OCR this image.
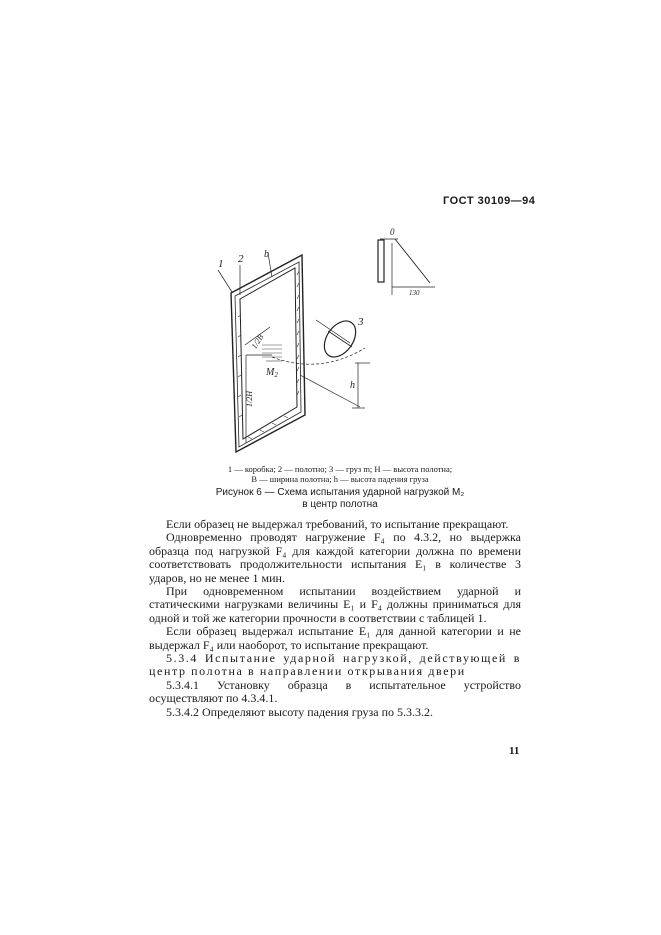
ГОСТ 30109—94
1 2 b
3
1/2B
1/2H
$M_2$
h
0
130
1 — коробка; 2 — полотно; 3 — груз m; H — высота полотна;
B — ширина полотна; h — высота падения груза
Рисунок 6 — Схема испытания ударной нагрузкой M₂
в центр полотна

Если образец не выдержал требований, то испытание прекращают.

Одновременно проводят нагружение F₄ по 4.3.2, но выдержка образца под нагрузкой F₄ для каждой категории должна по времени соответствовать продолжительности испытания E₁ в количестве 3 ударов, но не менее 1 мин.

При одновременном испытании воздействием ударной и статическими нагрузками величины E₁ и F₄ должны приниматься для одной и той же категории прочности в соответствии с таблицей 1.

Если образец выдержал испытание E₁ для данной категории и не выдержал F₄ или наоборот, то испытание прекращают.

5.3.4 Испытание ударной нагрузкой, действующей в центр полотна в направлении открывания двери

5.3.4.1 Установку образца в испытательное устройство осуществляют по 4.3.4.1.

5.3.4.2 Определяют высоту падения груза по 5.3.3.2.

11
